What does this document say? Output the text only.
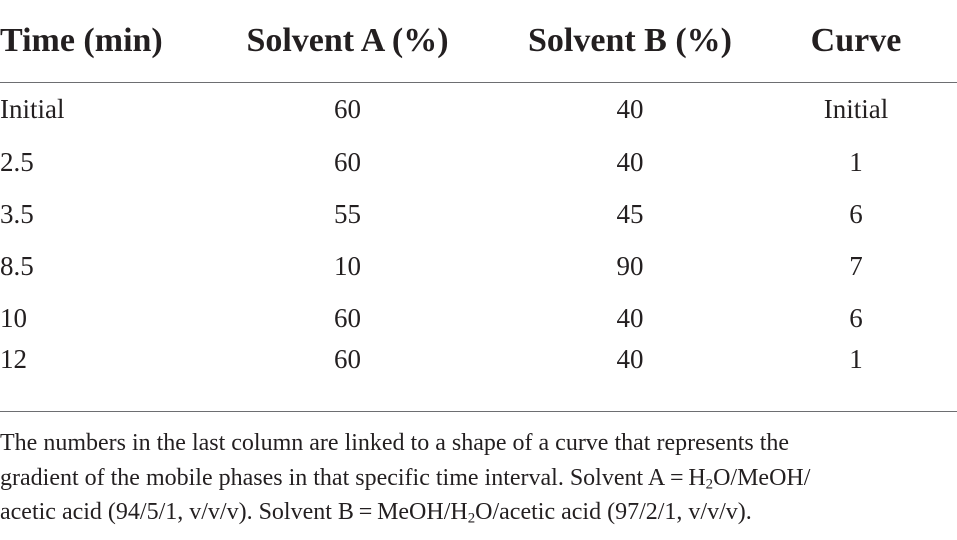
Time (min)	Solvent A (%)	Solvent B (%)	Curve
Initial	60	40	Initial
2.5	60	40	1
3.5	55	45	6
8.5	10	90	7
10	60	40	6
12	60	40	1

The numbers in the last column are linked to a shape of a curve that represents the

gradient of the mobile phases in that specific time interval. Solvent $A = H_2O/MeOH/$

acetic acid (94/5/1, v/v/v). Solvent B = MeOH/$H_2O$/acetic acid (97/2/1, v/v/v).
